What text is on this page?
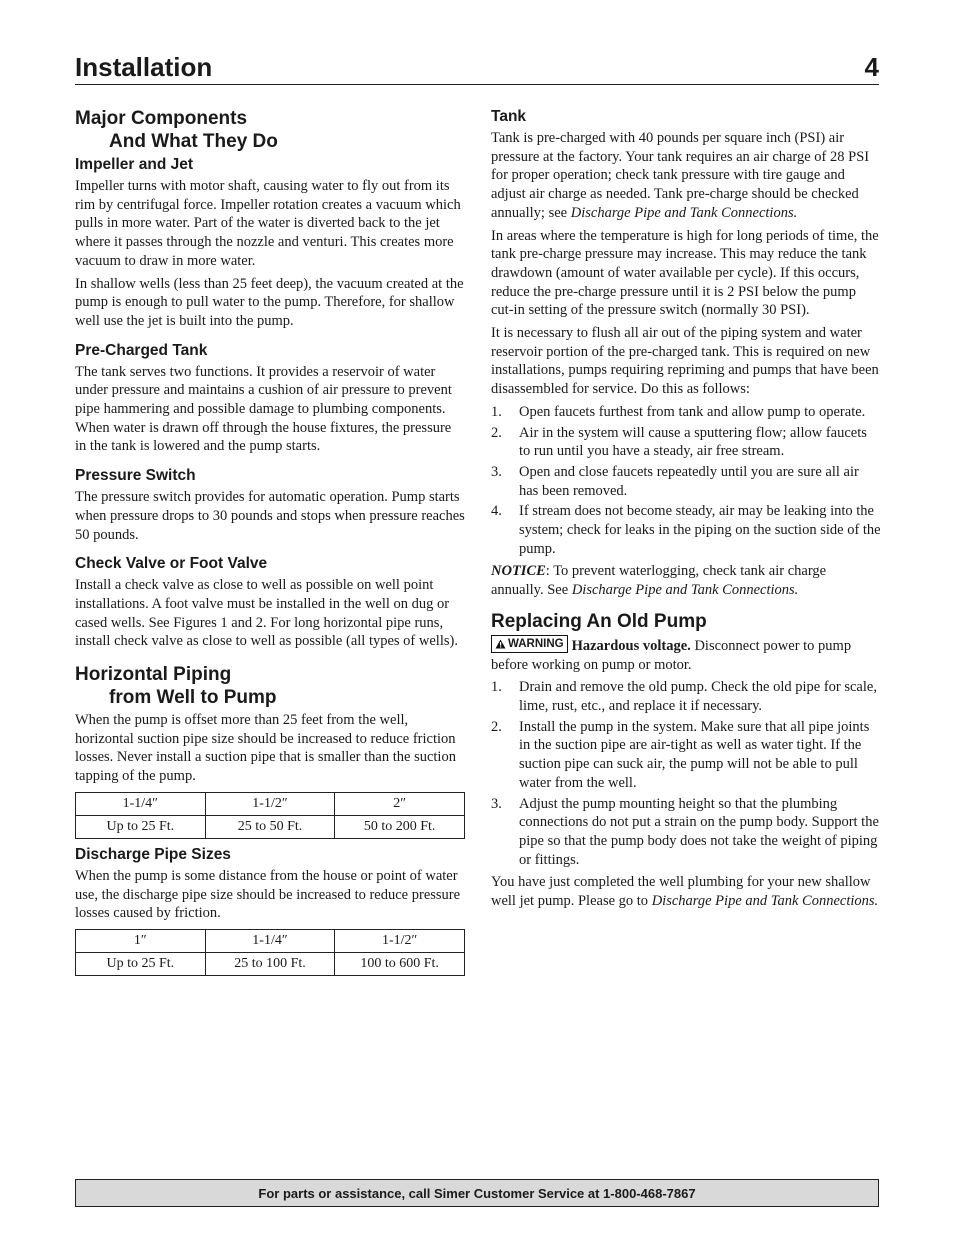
Installation	4
Major Components
And What They Do
Impeller and Jet

Impeller turns with motor shaft, causing water to fly out from its rim by centrifugal force. Impeller rotation creates a vacuum which pulls in more water. Part of the water is diverted back to the jet where it passes through the nozzle and venturi. This creates more vacuum to draw in more water.

In shallow wells (less than 25 feet deep), the vacuum created at the pump is enough to pull water to the pump. Therefore, for shallow well use the jet is built into the pump.

Pre-Charged Tank

The tank serves two functions. It provides a reservoir of water under pressure and maintains a cushion of air pressure to prevent pipe hammering and possible damage to plumbing components. When water is drawn off through the house fixtures, the pressure in the tank is lowered and the pump starts.

Pressure Switch

The pressure switch provides for automatic operation. Pump starts when pressure drops to 30 pounds and stops when pressure reaches 50 pounds.

Check Valve or Foot Valve

Install a check valve as close to well as possible on well point installations. A foot valve must be installed in the well on dug or cased wells. See Figures 1 and 2. For long horizontal pipe runs, install check valve as close to well as possible (all types of wells).

Horizontal Piping
from Well to Pump

When the pump is offset more than 25 feet from the well, horizontal suction pipe size should be increased to reduce friction losses. Never install a suction pipe that is smaller than the suction tapping of the pump.

1-1/4″	1-1/2″	2″
Up to 25 Ft.	25 to 50 Ft.	50 to 200 Ft.
Discharge Pipe Sizes

When the pump is some distance from the house or point of water use, the discharge pipe size should be increased to reduce pressure losses caused by friction.

1″	1-1/4″	1-1/2″
Up to 25 Ft.	25 to 100 Ft.	100 to 600 Ft.
Tank

Tank is pre-charged with 40 pounds per square inch (PSI) air pressure at the factory. Your tank requires an air charge of 28 PSI for proper operation; check tank pressure with tire gauge and adjust air charge as needed. Tank pre-charge should be checked annually; see Discharge Pipe and Tank Connections.

In areas where the temperature is high for long periods of time, the tank pre-charge pressure may increase. This may reduce the tank drawdown (amount of water available per cycle). If this occurs, reduce the pre-charge pressure until it is 2 PSI below the pump cut-in setting of the pressure switch (normally 30 PSI).

It is necessary to flush all air out of the piping system and water reservoir portion of the pre-charged tank. This is required on new installations, pumps requiring repriming and pumps that have been disassembled for service. Do this as follows:

1. Open faucets furthest from tank and allow pump to operate.
2. Air in the system will cause a sputtering flow; allow faucets to run until you have a steady, air free stream.
3. Open and close faucets repeatedly until you are sure all air has been removed.
4. If stream does not become steady, air may be leaking into the system; check for leaks in the piping on the suction side of the pump.

NOTICE: To prevent waterlogging, check tank air charge annually. See Discharge Pipe and Tank Connections.

Replacing An Old Pump

WARNING Hazardous voltage. Disconnect power to pump before working on pump or motor.

1. Drain and remove the old pump. Check the old pipe for scale, lime, rust, etc., and replace it if necessary.
2. Install the pump in the system. Make sure that all pipe joints in the suction pipe are air-tight as well as water tight. If the suction pipe can suck air, the pump will not be able to pull water from the well.
3. Adjust the pump mounting height so that the plumbing connections do not put a strain on the pump body. Support the pipe so that the pump body does not take the weight of piping or fittings.

You have just completed the well plumbing for your new shallow well jet pump. Please go to Discharge Pipe and Tank Connections.

For parts or assistance, call Simer Customer Service at 1-800-468-7867
